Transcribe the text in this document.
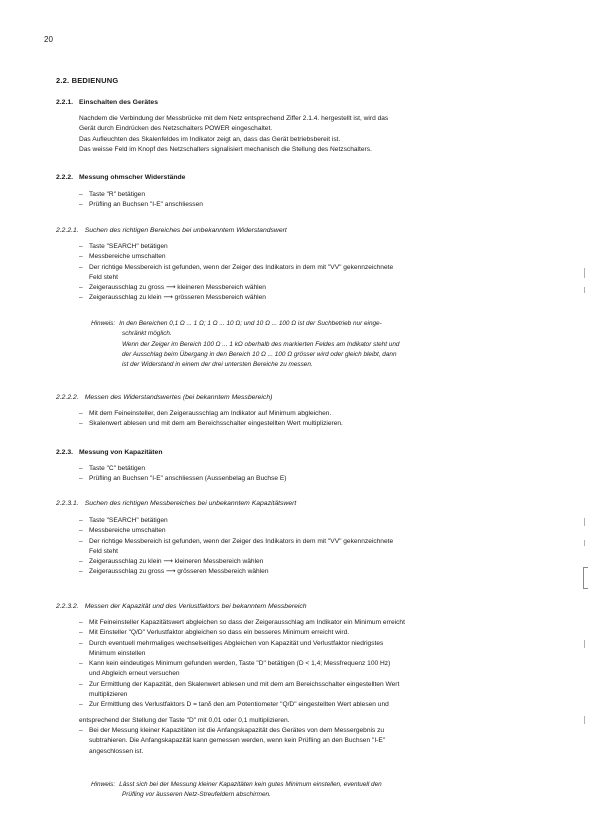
20
2.2. BEDIENUNG
2.2.1. Einschalten des Gerätes
Nachdem die Verbindung der Messbrücke mit dem Netz entsprechend Ziffer 2.1.4. hergestellt ist, wird das
Gerät durch Eindrücken des Netzschalters POWER eingeschaltet.
Das Aufleuchten des Skalenfeldes im Indikator zeigt an, dass das Gerät betriebsbereit ist.
Das weisse Feld im Knopf des Netzschalters signalisiert mechanisch die Stellung des Netzschalters.
2.2.2. Messung ohmscher Widerstände
– Taste "R" betätigen
– Prüfling an Buchsen "I-E" anschliessen
2.2.2.1. Suchen des richtigen Bereiches bei unbekanntem Widerstandswert
– Taste "SEARCH" betätigen
– Messbereiche umschalten
– Der richtige Messbereich ist gefunden, wenn der Zeiger des Indikators in dem mit "VV" gekennzeichnete
Feld steht
– Zeigerausschlag zu gross ⟶ kleineren Messbereich wählen
– Zeigerausschlag zu klein ⟶ grösseren Messbereich wählen
Hinweis: In den Bereichen 0,1 Ω ... 1 Ω; 1 Ω ... 10 Ω; und 10 Ω ... 100 Ω ist der Suchbetrieb nur einge-
schränkt möglich.
Wenn der Zeiger im Bereich 100 Ω ... 1 kΩ oberhalb des markierten Feldes am Indikator steht und
der Ausschlag beim Übergang in den Bereich 10 Ω ... 100 Ω grösser wird oder gleich bleibt, dann
ist der Widerstand in einem der drei untersten Bereiche zu messen.
2.2.2.2. Messen des Widerstandswertes (bei bekanntem Messbereich)
– Mit dem Feineinsteller, den Zeigerausschlag am Indikator auf Minimum abgleichen.
– Skalenwert ablesen und mit dem am Bereichsschalter eingestellten Wert multiplizieren.
2.2.3. Messung von Kapazitäten
– Taste "C" betätigen
– Prüfling an Buchsen "I-E" anschliessen (Aussenbelag an Buchse E)
2.2.3.1. Suchen des richtigen Messbereiches bei unbekanntem Kapazitätswert
– Taste "SEARCH" betätigen
– Messbereiche umschalten
– Der richtige Messbereich ist gefunden, wenn der Zeiger des Indikators in dem mit "VV" gekennzeichnete
Feld steht
– Zeigerausschlag zu klein ⟶ kleineren Messbereich wählen
– Zeigerausschlag zu gross ⟶ grösseren Messbereich wählen
2.2.3.2. Messen der Kapazität und des Verlustfaktors bei bekanntem Messbereich
– Mit Feineinsteller Kapazitätswert abgleichen so dass der Zeigerausschlag am Indikator ein Minimum erreicht
– Mit Einsteller "Q/D" Verlustfaktor abgleichen so dass ein besseres Minimum erreicht wird.
– Durch eventuell mehrmaliges wechselseitiges Abgleichen von Kapazität und Verlustfaktor niedrigstes
Minimum einstellen
– Kann kein eindeutiges Minimum gefunden werden, Taste "D" betätigen (D < 1,4; Messfrequenz 100 Hz)
und Abgleich erneut versuchen
– Zur Ermittlung der Kapazität, den Skalenwert ablesen und mit dem am Bereichsschalter eingestellten Wert
multiplizieren
– Zur Ermittlung des Verlustfaktors D = tanδ den am Potentiometer "Q/D" eingestellten Wert ablesen und
entsprechend der Stellung der Taste "D" mit 0,01 oder 0,1 multiplizieren.
– Bei der Messung kleiner Kapazitäten ist die Anfangskapazität des Gerätes von dem Messergebnis zu
subtrahieren. Die Anfangskapazität kann gemessen werden, wenn kein Prüfling an den Buchsen "I-E"
angeschlossen ist.
Hinweis: Lässt sich bei der Messung kleiner Kapazitäten kein gutes Minimum einstellen, eventuell den
Prüfling vor äusseren Netz-Streufeldern abschirmen.
